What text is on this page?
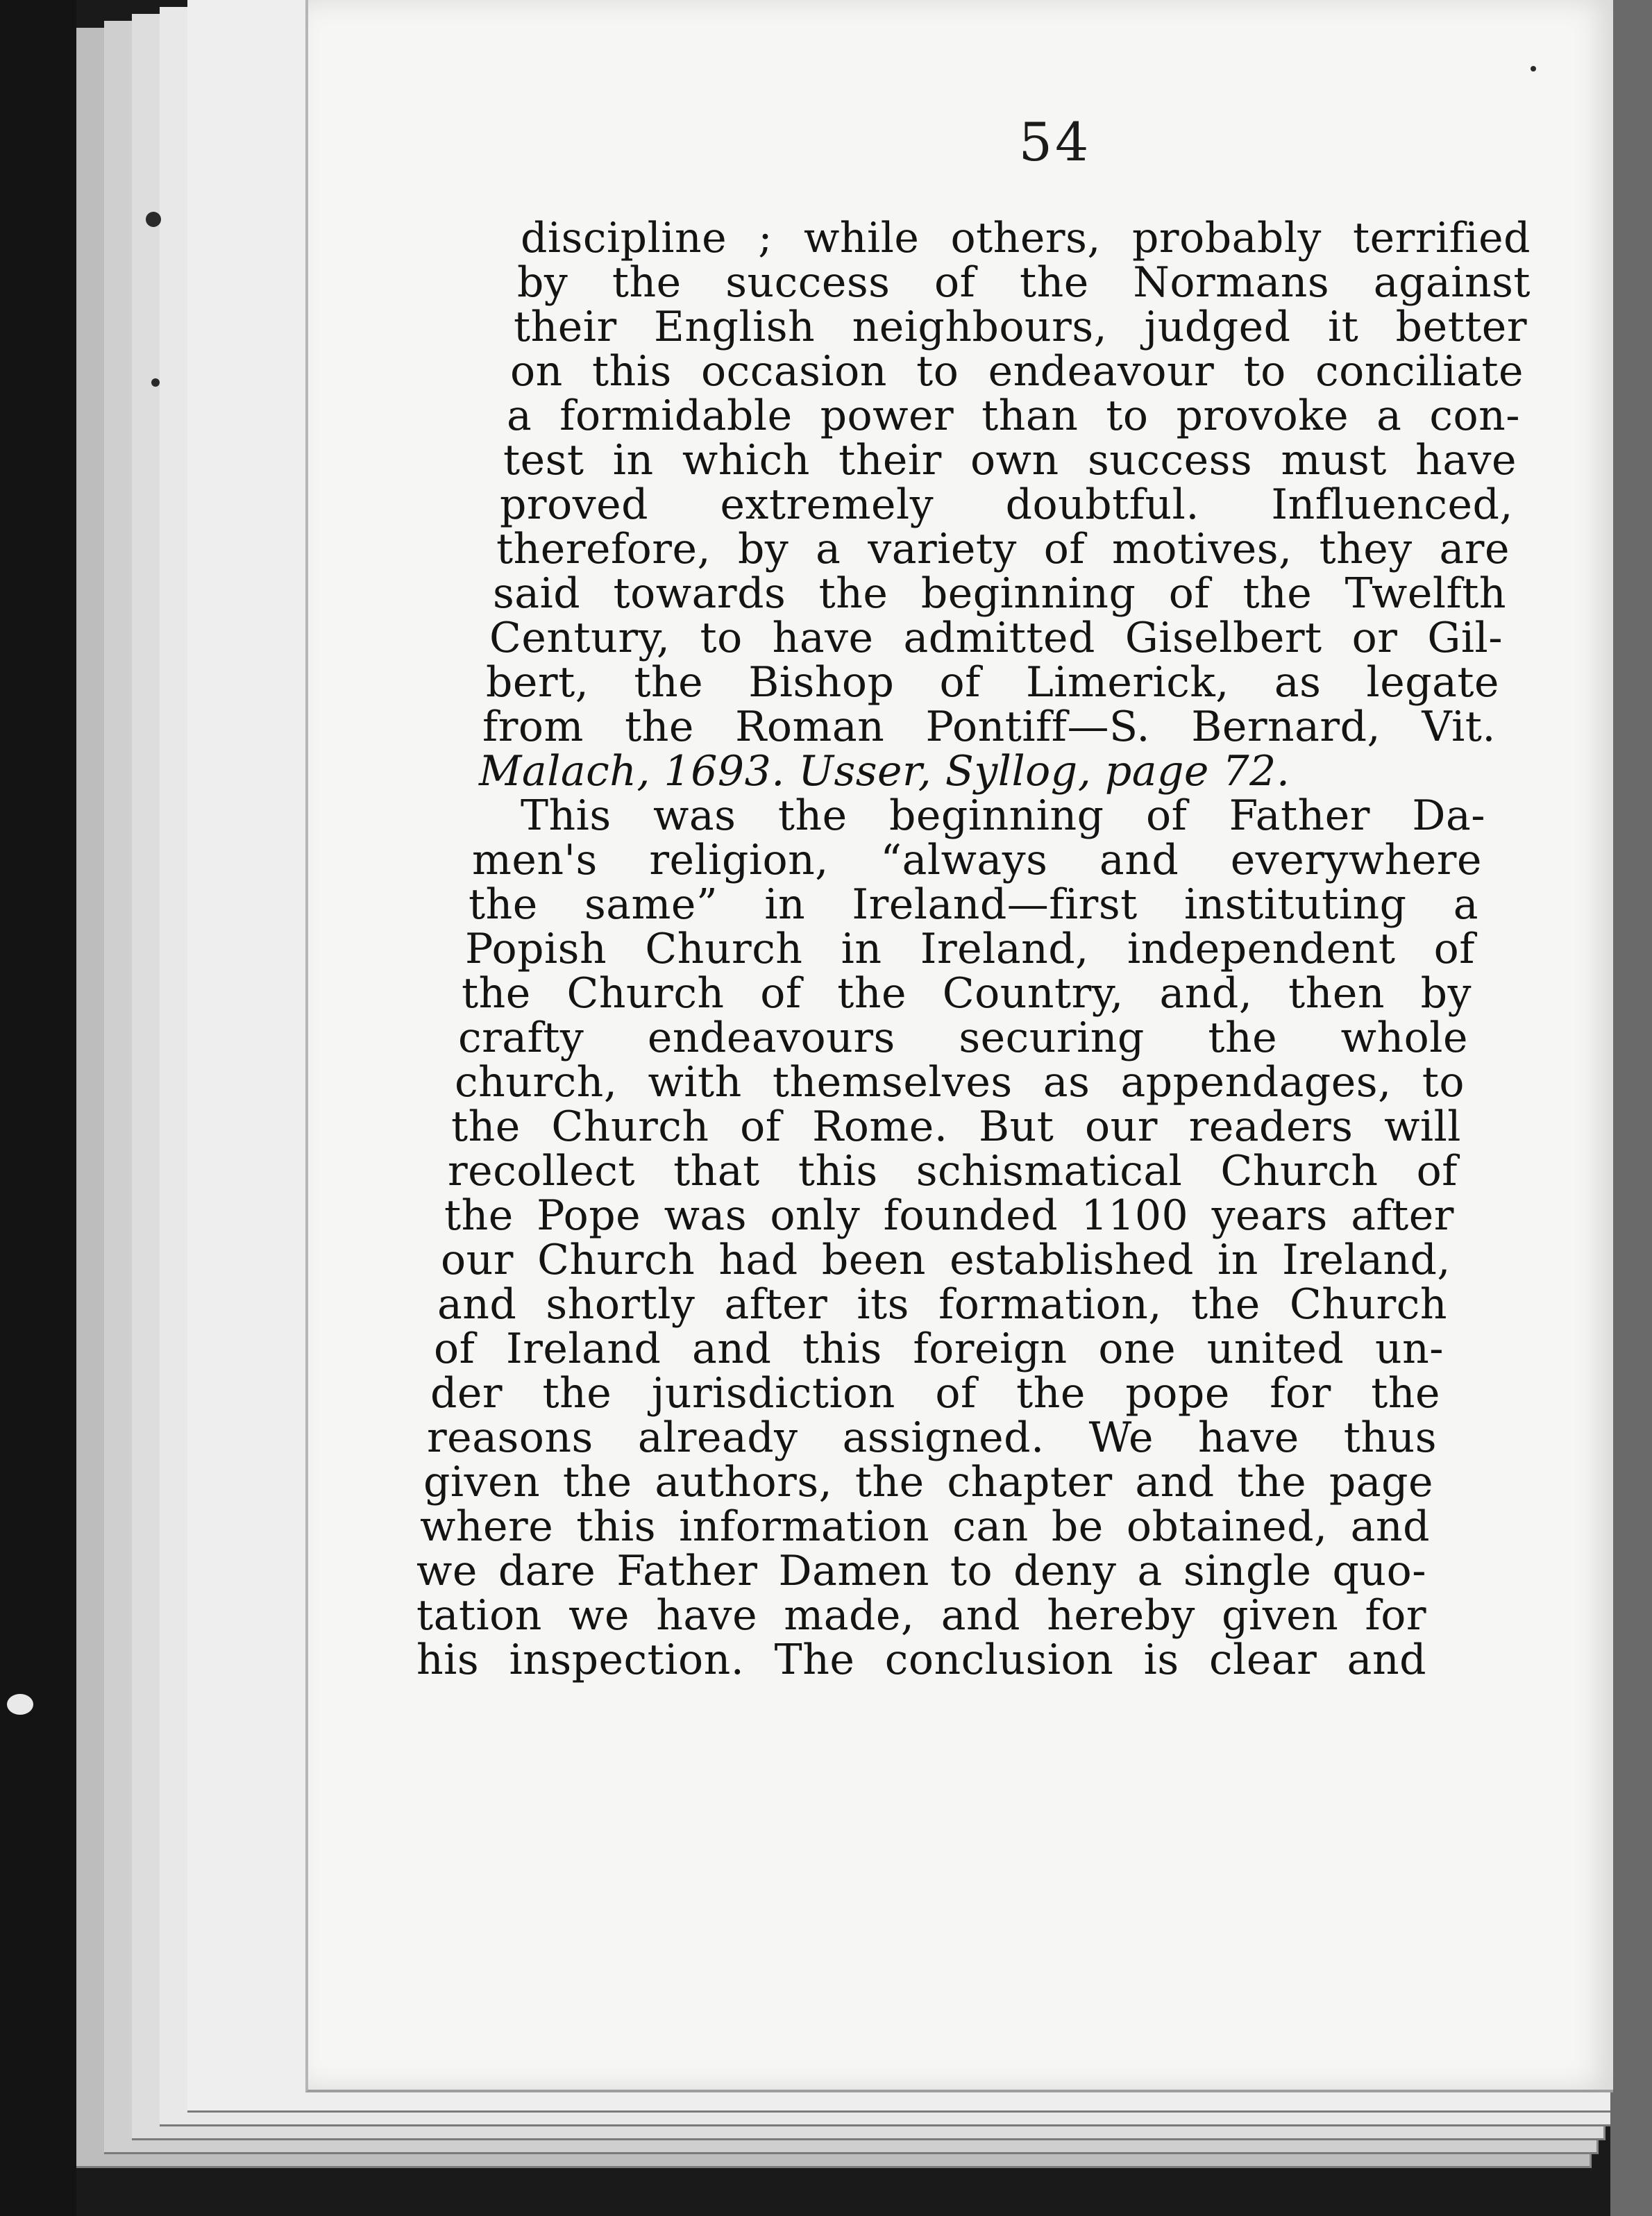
54
discipline ; while others, probably terrified
by the success of the Normans against
their English neighbours, judged it better
on this occasion to endeavour to conciliate
a formidable power than to provoke a con-
test in which their own success must have
proved extremely doubtful. Influenced,
therefore, by a variety of motives, they are
said towards the beginning of the Twelfth
Century, to have admitted Giselbert or Gil-
bert, the Bishop of Limerick, as legate
from the Roman Pontiff—S. Bernard, Vit.
Malach, 1693. Usser, Syllog, page 72.
This was the beginning of Father Da-
men's religion, “always and everywhere
the same” in Ireland—first instituting a
Popish Church in Ireland, independent of
the Church of the Country, and, then by
crafty endeavours securing the whole
church, with themselves as appendages, to
the Church of Rome. But our readers will
recollect that this schismatical Church of
the Pope was only founded 1100 years after
our Church had been established in Ireland,
and shortly after its formation, the Church
of Ireland and this foreign one united un-
der the jurisdiction of the pope for the
reasons already assigned. We have thus
given the authors, the chapter and the page
where this information can be obtained, and
we dare Father Damen to deny a single quo-
tation we have made, and hereby given for
his inspection. The conclusion is clear and
